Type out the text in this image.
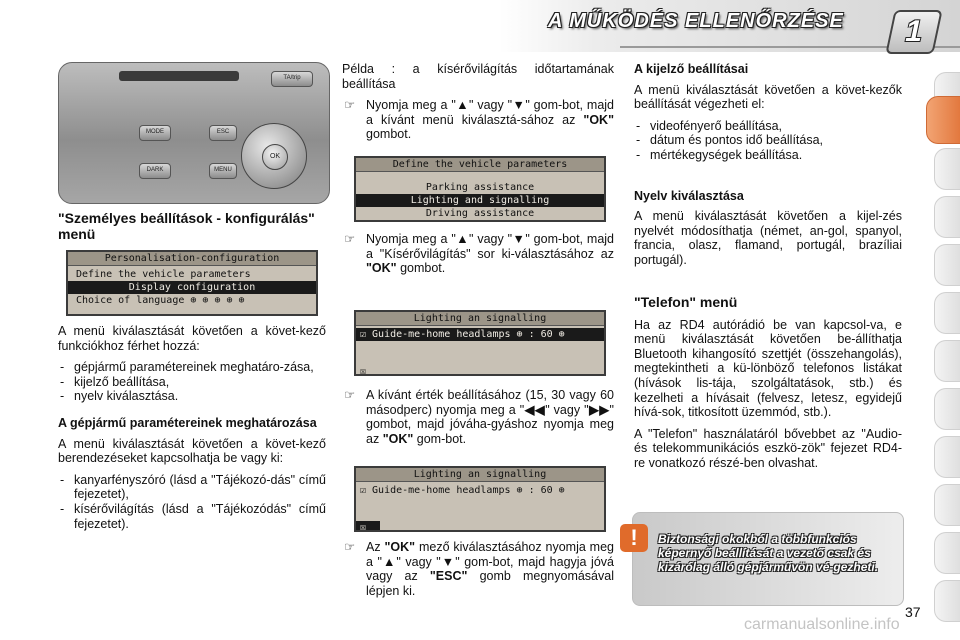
A MŰKÖDÉS ELLENŐRZÉSE	1
TA/trip
MODE
DARK
ESC
MENU
OK
"Személyes beállítások - konfigurálás" menü
Personalisation-configuration
Define the vehicle parameters
Display configuration
Choice of language ⊕ ⊕ ⊕ ⊕ ⊕

A menü kiválasztását követően a követ-kező funkciókhoz férhet hozzá:

- gépjármű paramétereinek meghatáro-zása,
- kijelző beállítása,
- nyelv kiválasztása.
A gépjármű paramétereinek meghatározása

A menü kiválasztását követően a követ-kező berendezéseket kapcsolhatja be vagy ki:

- kanyarfényszóró (lásd a "Tájékozó-dás" című fejezetet),
- kísérővilágítás (lásd a "Tájékozódás" című fejezetet).

Példa : a kísérővilágítás időtartamának beállítása

☞ Nyomja meg a "▲" vagy "▼" gom-bot, majd a kívánt menü kiválasztá-sához az "OK" gombot.
Define the vehicle parameters
Parking assistance
Lighting and signalling
Driving assistance
☞ Nyomja meg a "▲" vagy "▼" gom-bot, majd a "Kísérővilágítás" sor ki-választásához az "OK" gombot.
Lighting an signalling
☑ Guide-me-home headlamps ⊕ : 60 ⊕
☒
☞ A kívánt érték beállításához (15, 30 vagy 60 másodperc) nyomja meg a "◀◀" vagy "▶▶" gombot, majd jóváha-gyáshoz nyomja meg az "OK" gom-bot.
Lighting an signalling
☑ Guide-me-home headlamps ⊕ : 60 ⊕
☒
☞ Az "OK" mező kiválasztásához nyomja meg a "▲" vagy "▼" gom-bot, majd hagyja jóvá vagy az "ESC" gomb megnyomásával lépjen ki.
A kijelző beállításai

A menü kiválasztását követően a követ-kezők beállítását végezheti el:

- videofényerő beállítása,
- dátum és pontos idő beállítása,
- mértékegységek beállítása.
Nyelv kiválasztása

A menü kiválasztását követően a kijel-zés nyelvét módosíthatja (német, an-gol, spanyol, francia, olasz, flamand, portugál, brazíliai portugál).

"Telefon" menü

Ha az RD4 autórádió be van kapcsol-va, e menü kiválasztását követően be-állíthatja Bluetooth kihangosító szettjét (összehangolás), megtekintheti a kü-lönböző telefonos listákat (hívások lis-tája, szolgáltatások, stb.) és kezelheti a hívásait (felvesz, letesz, egyidejű hívá-sok, titkosított üzemmód, stb.).

A "Telefon" használatáról bővebbet az "Audio- és telekommunikációs eszkö-zök" fejezet RD4-re vonatkozó részé-ben olvashat.

!	Biztonsági okokból a többfunkciós képernyő beállítását a vezető csak és kizárólag álló gépjárművön vé-gezheti.
37
carmanualsonline.info
